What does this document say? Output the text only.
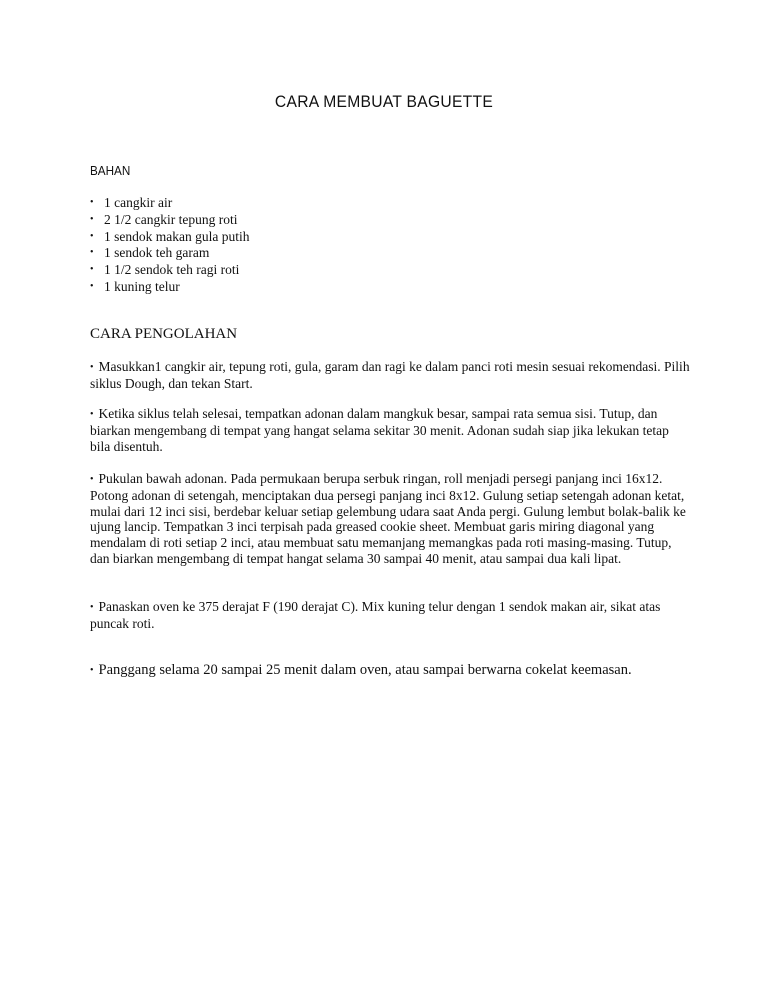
CARA MEMBUAT BAGUETTE
BAHAN
• 1 cangkir air
• 2 1/2 cangkir tepung roti
• 1 sendok makan gula putih
• 1 sendok teh garam
• 1 1/2 sendok teh ragi roti
• 1 kuning telur
CARA PENGOLAHAN

• Masukkan1 cangkir air, tepung roti, gula, garam dan ragi ke dalam panci roti mesin sesuai rekomendasi. Pilih siklus Dough, dan tekan Start.

• Ketika siklus telah selesai, tempatkan adonan dalam mangkuk besar, sampai rata semua sisi. Tutup, dan biarkan mengembang di tempat yang hangat selama sekitar 30 menit. Adonan sudah siap jika lekukan tetap bila disentuh.

• Pukulan bawah adonan. Pada permukaan berupa serbuk ringan, roll menjadi persegi panjang inci 16x12. Potong adonan di setengah, menciptakan dua persegi panjang inci 8x12. Gulung setiap setengah adonan ketat, mulai dari 12 inci sisi, berdebar keluar setiap gelembung udara saat Anda pergi. Gulung lembut bolak-balik ke ujung lancip. Tempatkan 3 inci terpisah pada greased cookie sheet. Membuat garis miring diagonal yang mendalam di roti setiap 2 inci, atau membuat satu memanjang memangkas pada roti masing-masing. Tutup, dan biarkan mengembang di tempat hangat selama 30 sampai 40 menit, atau sampai dua kali lipat.

• Panaskan oven ke 375 derajat F (190 derajat C). Mix kuning telur dengan 1 sendok makan air, sikat atas puncak roti.

• Panggang selama 20 sampai 25 menit dalam oven, atau sampai berwarna cokelat keemasan.
